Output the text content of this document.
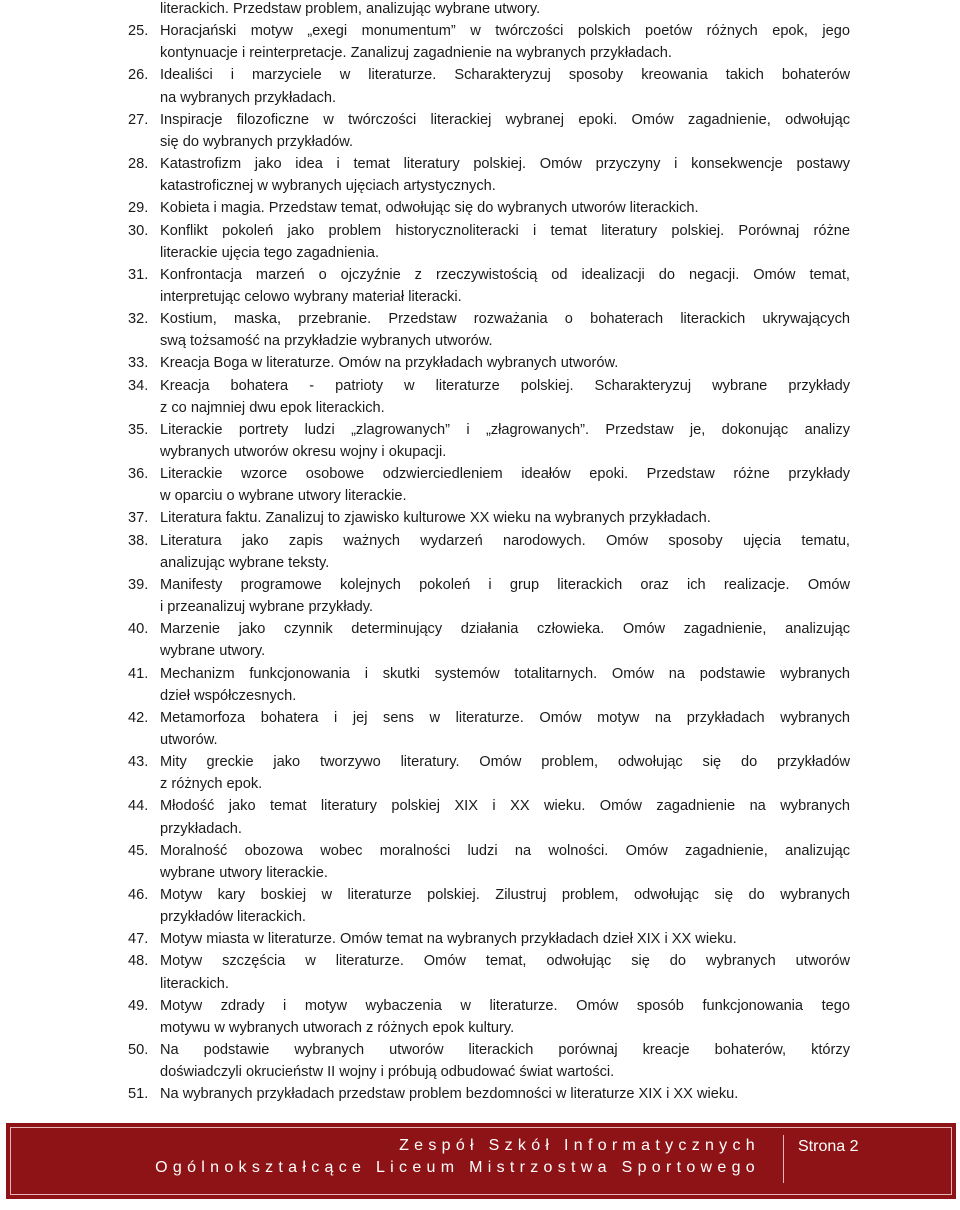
literackich. Przedstaw problem, analizując wybrane utwory.
25. Horacjański motyw „exegi monumentum” w twórczości polskich poetów różnych epok, jego
kontynuacje i reinterpretacje. Zanalizuj zagadnienie na wybranych przykładach.
26. Idealiści i marzyciele w literaturze. Scharakteryzuj sposoby kreowania takich bohaterów
na wybranych przykładach.
27. Inspiracje filozoficzne w twórczości literackiej wybranej epoki. Omów zagadnienie, odwołując
się do wybranych przykładów.
28. Katastrofizm jako idea i temat literatury polskiej. Omów przyczyny i konsekwencje postawy
katastroficznej w wybranych ujęciach artystycznych.
29. Kobieta i magia. Przedstaw temat, odwołując się do wybranych utworów literackich.
30. Konflikt pokoleń jako problem historycznoliteracki i temat literatury polskiej. Porównaj różne
literackie ujęcia tego zagadnienia.
31. Konfrontacja marzeń o ojczyźnie z rzeczywistością od idealizacji do negacji. Omów temat,
interpretując celowo wybrany materiał literacki.
32. Kostium, maska, przebranie. Przedstaw rozważania o bohaterach literackich ukrywających
swą tożsamość na przykładzie wybranych utworów.
33. Kreacja Boga w literaturze. Omów na przykładach wybranych utworów.
34. Kreacja bohatera - patrioty w literaturze polskiej. Scharakteryzuj wybrane przykłady
z co najmniej dwu epok literackich.
35. Literackie portrety ludzi „zlagrowanych” i „złagrowanych”. Przedstaw je, dokonując analizy
wybranych utworów okresu wojny i okupacji.
36. Literackie wzorce osobowe odzwierciedleniem ideałów epoki. Przedstaw różne przykłady
w oparciu o wybrane utwory literackie.
37. Literatura faktu. Zanalizuj to zjawisko kulturowe XX wieku na wybranych przykładach.
38. Literatura jako zapis ważnych wydarzeń narodowych. Omów sposoby ujęcia tematu,
analizując wybrane teksty.
39. Manifesty programowe kolejnych pokoleń i grup literackich oraz ich realizacje. Omów
i przeanalizuj wybrane przykłady.
40. Marzenie jako czynnik determinujący działania człowieka. Omów zagadnienie, analizując
wybrane utwory.
41. Mechanizm funkcjonowania i skutki systemów totalitarnych. Omów na podstawie wybranych
dzieł współczesnych.
42. Metamorfoza bohatera i jej sens w literaturze. Omów motyw na przykładach wybranych
utworów.
43. Mity greckie jako tworzywo literatury. Omów problem, odwołując się do przykładów
z różnych epok.
44. Młodość jako temat literatury polskiej XIX i XX wieku. Omów zagadnienie na wybranych
przykładach.
45. Moralność obozowa wobec moralności ludzi na wolności. Omów zagadnienie, analizując
wybrane utwory literackie.
46. Motyw kary boskiej w literaturze polskiej. Zilustruj problem, odwołując się do wybranych
przykładów literackich.
47. Motyw miasta w literaturze. Omów temat na wybranych przykładach dzieł XIX i XX wieku.
48. Motyw szczęścia w literaturze. Omów temat, odwołując się do wybranych utworów
literackich.
49. Motyw zdrady i motyw wybaczenia w literaturze. Omów sposób funkcjonowania tego
motywu w wybranych utworach z różnych epok kultury.
50. Na podstawie wybranych utworów literackich porównaj kreacje bohaterów, którzy
doświadczyli okrucieństw II wojny i próbują odbudować świat wartości.
51. Na wybranych przykładach przedstaw problem bezdomności w literaturze XIX i XX wieku.
Zespół Szkół Informatycznych
Ogólnokształcące Liceum Mistrzostwa Sportowego
Strona 2
